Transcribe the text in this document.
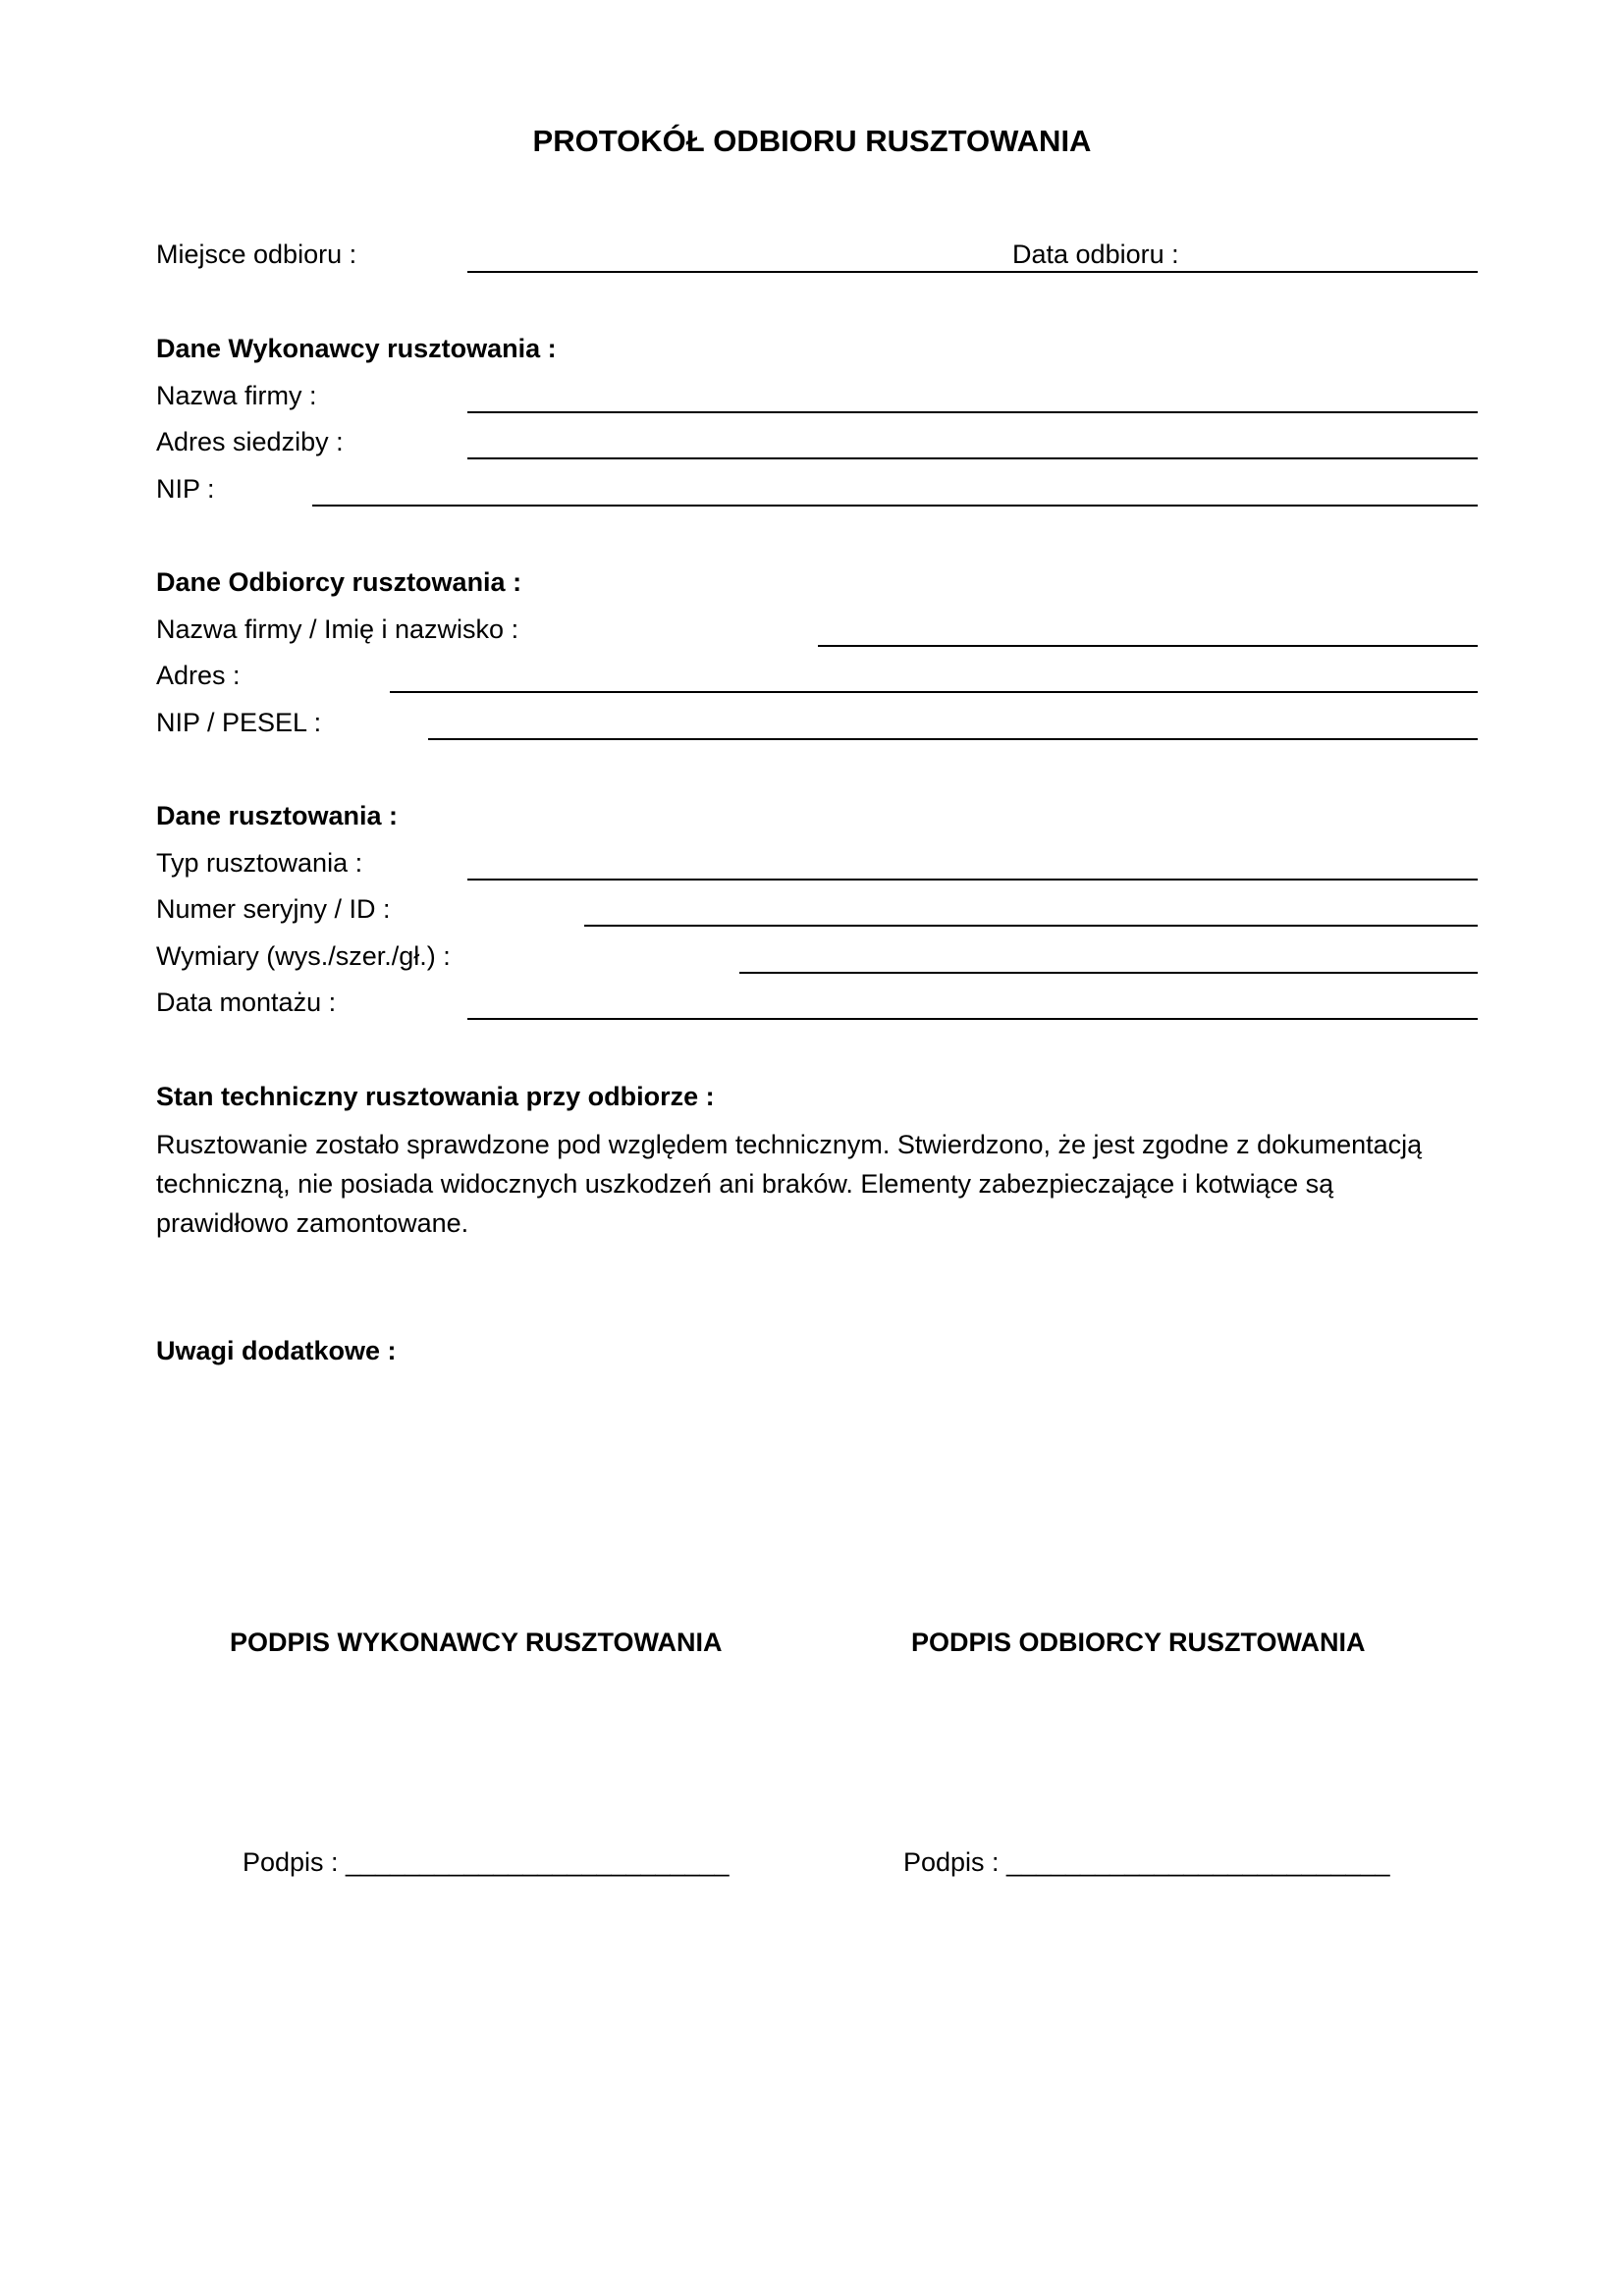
PROTOKÓŁ ODBIORU RUSZTOWANIA
Miejsce odbioru :	Data odbioru :
Dane Wykonawcy rusztowania :
Nazwa firmy :
Adres siedziby :
NIP :
Dane Odbiorcy rusztowania :
Nazwa firmy / Imię i nazwisko :
Adres :
NIP / PESEL :
Dane rusztowania :
Typ rusztowania :
Numer seryjny / ID :
Wymiary (wys./szer./gł.) :
Data montażu :
Stan techniczny rusztowania przy odbiorze :
Rusztowanie zostało sprawdzone pod względem technicznym. Stwierdzono, że jest zgodne z dokumentacją
techniczną, nie posiada widocznych uszkodzeń ani braków. Elementy zabezpieczające i kotwiące są
prawidłowo zamontowane.
Uwagi dodatkowe :
PODPIS WYKONAWCY RUSZTOWANIA	PODPIS ODBIORCY RUSZTOWANIA
Podpis : __________________________	Podpis : __________________________
